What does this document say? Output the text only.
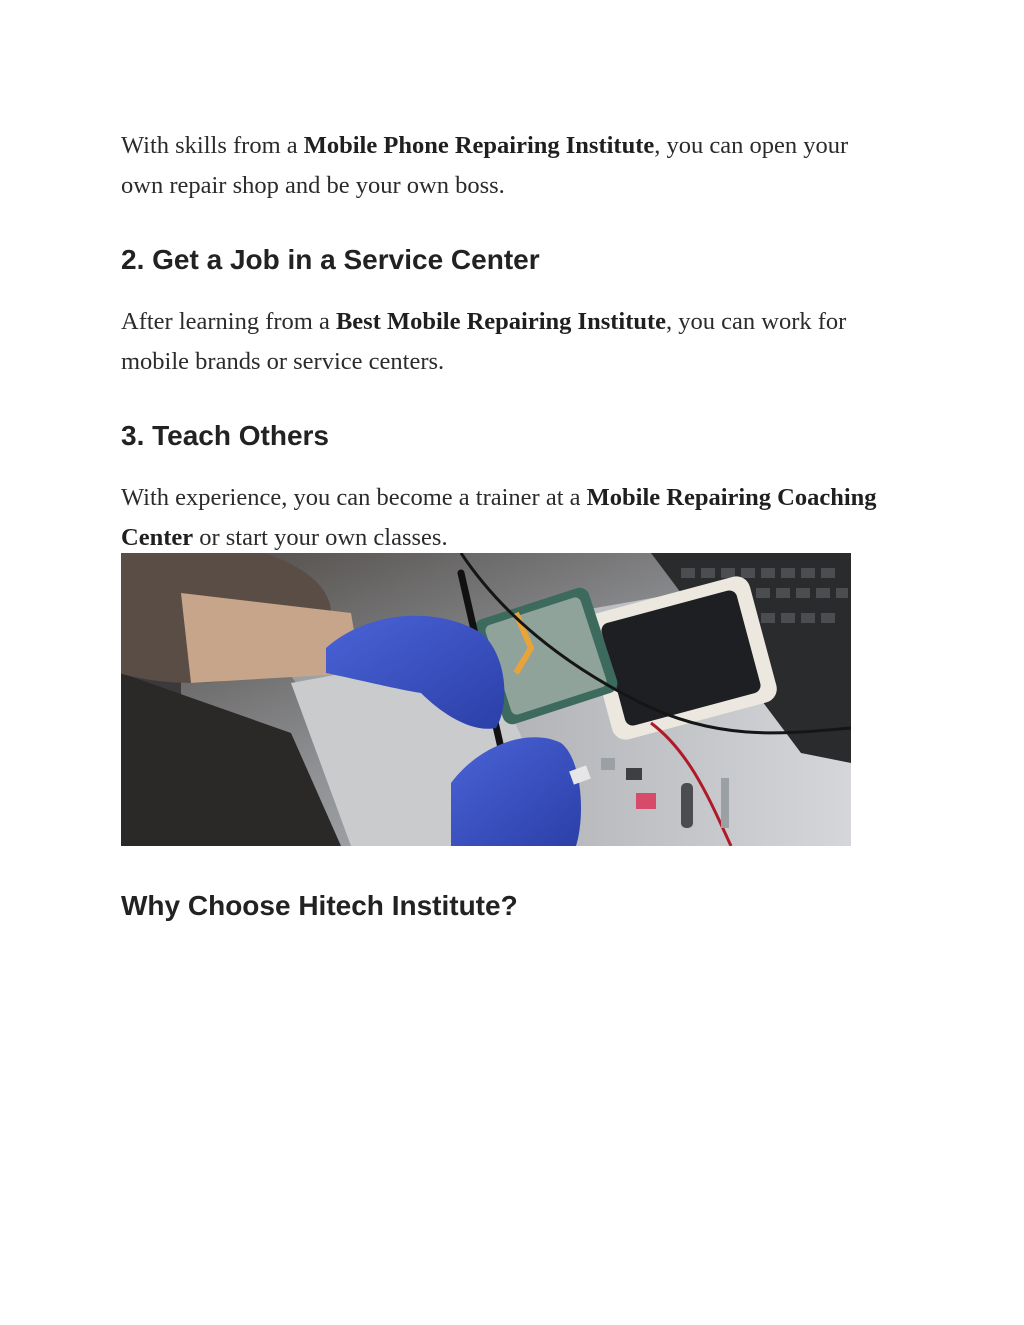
With skills from a Mobile Phone Repairing Institute, you can open your own repair shop and be your own boss.

2. Get a Job in a Service Center

After learning from a Best Mobile Repairing Institute, you can work for mobile brands or service centers.

3. Teach Others

With experience, you can become a trainer at a Mobile Repairing Coaching Center or start your own classes.

Why Choose Hitech Institute?
